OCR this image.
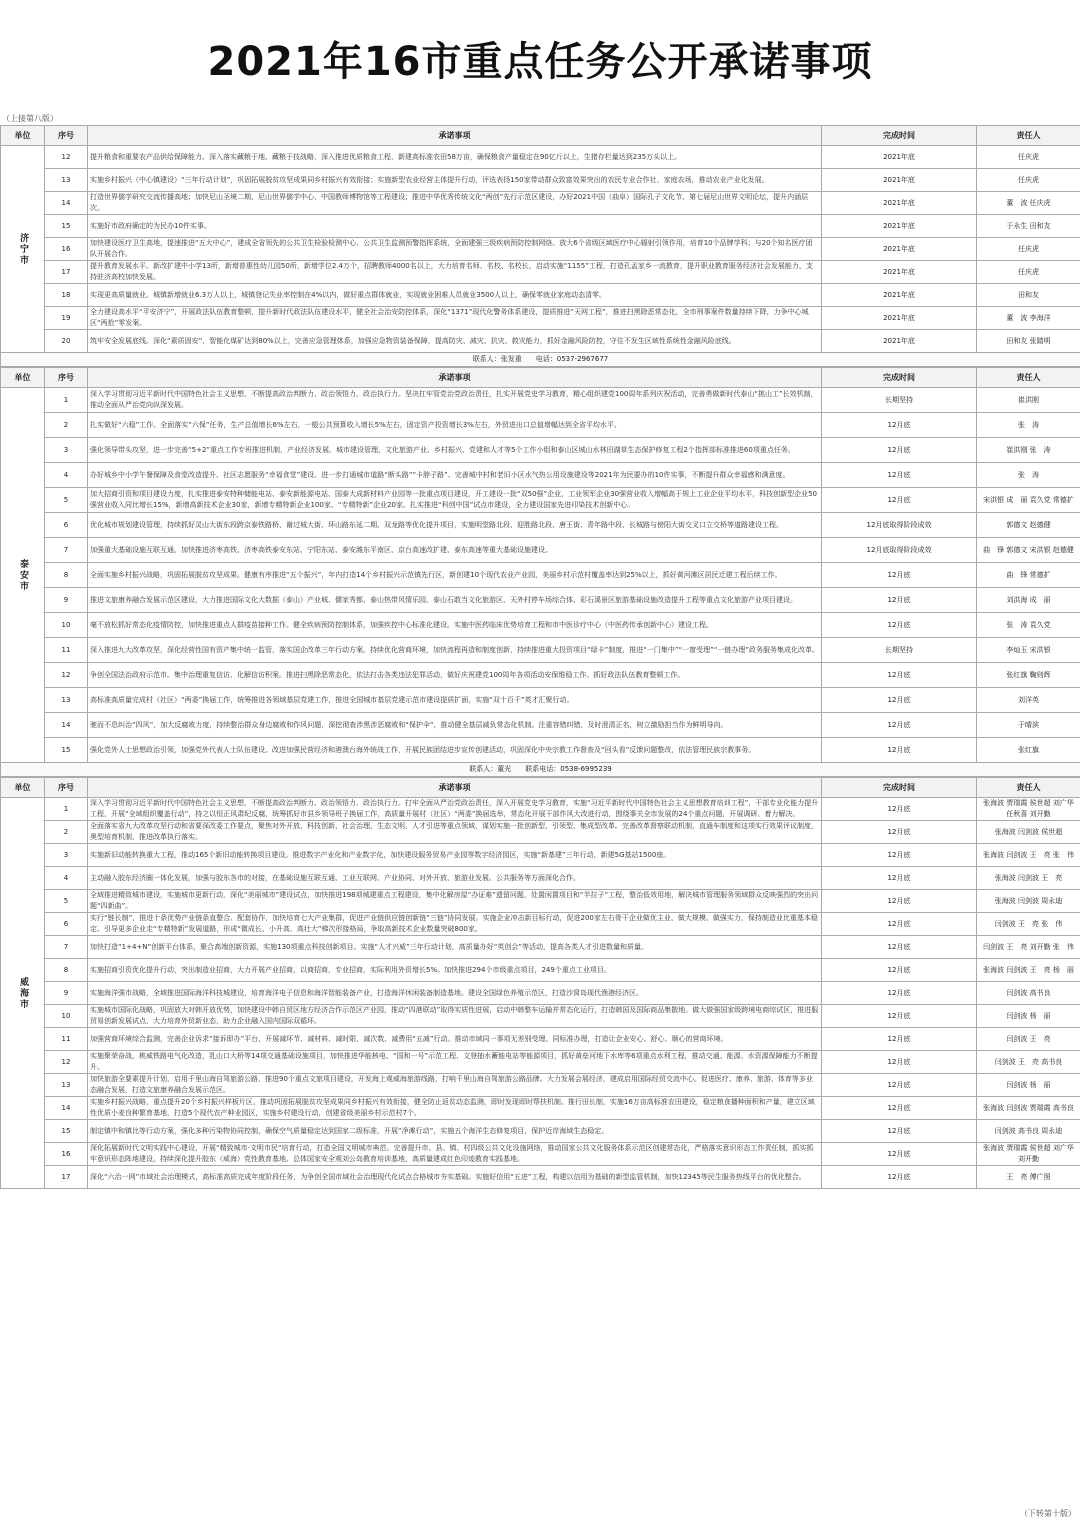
2021年16市重点任务公开承诺事项
（上接第八版）
单位	序号	承诺事项	完成时间	责任人
济宁市	12	提升粮食和重要农产品供给保障能力。深入落实藏粮于地、藏粮于技战略，深入推进优质粮食工程，新建高标准农田58万亩，确保粮食产量稳定在90亿斤以上，生猪存栏量达到235万头以上。	2021年底	任庆虎
	13	实施乡村振兴（中心镇建设）“三年行动计划”，巩固拓展脱贫攻坚成果同乡村振兴有效衔接；实施新型农业经营主体提升行动，评选表扬150家带动群众致富效果突出的农民专业合作社、家庭农场，推动农业产业化发展。	2021年底	任庆虎
	14	打造世界儒学研究交流传播高地；加快尼山圣境二期、尼山世界儒学中心、中国教师博物馆等工程建设；推进中华优秀传统文化“两创”先行示范区建设，办好2021中国（曲阜）国际孔子文化节、第七届尼山世界文明论坛，提升内涵层次。	2021年底	董　波 任庆虎
	15	实施好市政府确定的为民办10件实事。	2021年底	于永生 田和友
	16	加快建设医疗卫生高地，提速推进“五大中心”，建成全省领先的公共卫生检验检测中心、公共卫生监测预警指挥系统，全面建强三级疾病预防控制网络。放大6个省级区域医疗中心辐射引领作用，培育10个品牌学科；与20个知名医疗团队开展合作。	2021年底	任庆虎
	17	提升教育发展水平。新改扩建中小学13所，新增普惠性幼儿园50所，新增学位2.4万个，招聘教师4000名以上，大力培育名师、名校、名校长，启动实施“1155”工程，打造孔孟家乡一流教育，提升职业教育服务经济社会发展能力，支持驻济高校加快发展。	2021年底	任庆虎
	18	实现更高质量就业。城镇新增就业6.3万人以上，城镇登记失业率控制在4%以内，做好重点群体就业，实现就业困难人员就业3500人以上，确保零就业家庭动态清零。	2021年底	田和友
	19	全力建设高水平“平安济宁”，开展政法队伍教育整顿，提升新时代政法队伍建设水平，健全社会治安防控体系，深化“1371”现代化警务体系建设，提质推进“天网工程”，推进扫黑除恶常态化，全市刑事案件数量持续下降，力争中心城区“两抢”零发案。	2021年底	董　波 李海洋
	20	筑牢安全发展底线。深化“素质固安”，智能化煤矿达到80%以上，完善应急管理体系，加强应急物资装备保障，提高防灾、减灾、抗灾、救灾能力，抓好金融风险防控，守住不发生区域性系统性金融风险底线。	2021年底	田和友 张踏明
联系人：张发重　　电话：0537-2967677				
单位	序号	承诺事项	完成时间	责任人
泰安市	1	深入学习贯彻习近平新时代中国特色社会主义思想，不断提高政治判断力、政治领悟力、政治执行力。坚决扛牢管党治党政治责任，扎实开展党史学习教育，精心组织建党100周年系列庆祝活动，完善勇做新时代泰山“挑山工”长效机制，推动全面从严治党向纵深发展。	长期坚持	崔洪刚
	2	扎实做好“六稳”工作、全面落实“六保”任务，生产总值增长6%左右，一般公共预算收入增长5%左右，固定资产投资增长3%左右，外贸进出口总值增幅达到全省平均水平。	12月底	张　涛
	3	强化领导带头攻坚，进一步完善“5+2”重点工作专班推进机制，产业经济发展、城市建设管理、文化旅游产业、乡村振兴、党建和人才等5个工作小组和泰山区城山水林田湖草生态保护修复工程2个指挥部标准推进60项重点任务。	12月底	崔洪刚 张　涛
	4	办好城乡中小学午餐保障及食堂改造提升、社区志愿服务“幸福食堂”建设、进一步打通城市道路“断头路”“卡脖子路”、完善城中村和老旧小区水气热公用设施建设等2021年为民要办的10件实事，不断提升群众幸福感和满意度。	12月底	张　涛
	5	加大招商引资和项目建设力度，扎实推进泰安特种储能电站、泰安新能源电站、国泰大成新材料产业园等一批重点项目建设，开工建设一批“双50强”企业，工业领军企业30强营业收入增幅高于规上工业企业平均水平，科技创新型企业50强营业收入同比增长15%，新增高新技术企业30家，新增专精特新企业100家、“专精特新”企业20家。扎实推进“科创中国”试点市建设，全力建设国家先进印染技术创新中心。	12月底	宋洪银 成　丽 袁久党 常德扩
	6	优化城市规划建设管理，持续抓好灵山大街东段跨京泰铁路桥、谢过城大街、环山路东延二期、双龙路等优化提升项目，实施明堂路北段、迎胜路北段、唐王街、青年路中段、长城路与傍阳大街交叉口立交桥等道路建设工程。	12月底取得阶段成效	郭德文 赵德健
	7	加强重大基础设施互联互通，加快推进济枣高铁、济枣高铁泰安东站、宁阳东站、泰安潍东平南区、京台高速改扩建、泰东高速等重大基础设施建设。	12月底取得阶段成效	曲　锋 郭德文 宋洪银 赵德健
	8	全面实施乡村振兴战略，巩固拓展脱贫攻坚成果。健康有序推进“五个振兴”，年内打造14个乡村振兴示范镇先行区，新创建10个现代农业产业园，美丽乡村示范村覆盖率达到25%以上，抓好黄河滩区居民迁建工程后续工作。	12月底	曲　锋 常德扩
	9	推进文旅康养融合发展示范区建设，大力推进国际文化大数据（泰山）产业城、儒家秀都、泰山热带风情乐园、泰山石敢当文化旅游区、天外村停车场综合体、彩石溪景区旅游基础设施改造提升工程等重点文化旅游产业项目建设。	12月底	刘洪海 成　丽
	10	毫不放松抓好常态化疫情防控，加快推进重点人群疫苗接种工作。健全疾病预防控制体系，加强疾控中心标准化建设。实施中医药临床优势培育工程和市中医诊疗中心（中医药传承创新中心）建设工程。	12月底	张　涛 袁久党
	11	深入推进九大改革攻坚，深化经营性国有资产集中统一监管，落实国企改革三年行动方案。持续优化营商环境，加快流程再造和制度创新，持续推进重大投资项目“绿卡”制度，推进“一门集中”“一窗受理”“一链办理”政务服务集成化改革。	长期坚持	李灿玉 宋洪银
	12	争创全国法治政府示范市。集中治理重复信访、化解信访积案。推进扫黑除恶常态化，依法打击各类违法犯罪活动，做好庆祝建党100周年各项活动安保维稳工作。抓好政法队伍教育整顿工作。	12月底	张红旗 鞠则辉
	13	高标准高质量完成村（社区）“两委”换届工作，统筹推进各领域基层党建工作，推进全国城市基层党建示范市建设提质扩面，实施“双十百千”英才汇聚行动。	12月底	刘洋英
	14	驰而不息纠治“四风”，加大反腐败力度，持续整治群众身边腐败和作风问题，深挖彻查涉黑涉恶腐败和“保护伞”，推动健全基层减负常态化机制。注重容错纠错，及时澄清正名，树立激励担当作为鲜明导向。	12月底	于晴滨
	15	强化党外人士思想政治引领，加强党外代表人士队伍建设。改进加强民营经济和港澳台海外统战工作，开展民族团结进步宣传创建活动，巩固深化中央宗教工作督查及“回头看”反馈问题整改，依法管理民族宗教事务。	12月底	张红旗
联系人：董光　　联系电话：0538-6995239				
单位	序号	承诺事项	完成时间	责任人
威海市	1	深入学习贯彻习近平新时代中国特色社会主义思想，不断提高政治判断力、政治领悟力、政治执行力。打牢全面从严治党政治责任，深入开展党史学习教育，实施“习近平新时代中国特色社会主义思想教育培训工程”，干部专业化能力提升工程，开展“全域组织覆盖行动”，持之以恒正风肃纪反腐，统筹抓好市县乡领导班子换届工作，高质量开展村（社区）“两委”换届选举，常态化开展干部作风大改进行动，围绕事关全市发展的24个重点问题，开展调研、着力解决。	12月底	张海波 贾瑞霞 侯世超 刘广华 任秋喜 刘开勤
	2	全面落实省九大改革攻坚行动和省要深改委工作要点，聚焦对外开放、科技创新、社会治理、生态文明、人才引进等重点领域，谋划实施一批创新型、引领型、集成型改革。完善改革督察联动机制，直通车制度和这项实行效果评议制度，奥型培育机制，推进改革执行落实。	12月底	张海波 闫剑波 侯世超
	3	实施新旧动能转换重大工程，推动165个新旧动能转换项目建设。推进数字产业化和产业数字化，加快建设服务贸易产业园等数字经济园区，实施“新基建”三年行动，新建5G基站1500座。	12月底	张海波 闫剑波 王　亮 张　伟
	4	主动融入胶东经济圈一体化发展，加强与胶东各市的对接，在基础设施互联互通、工业互联网、产业协同、对外开放、旅游业发展、公共服务等方面深化合作。	12月底	张海波 闫剑波 王　亮
	5	全域推进精致城市建设，实施城市更新行动，深化“美丽城市”建设试点，加快推进198项城建重点工程建设，集中化解房屋“办证难”遗留问题，处置闲置项目和“半拉子”工程，整治低效用地，解决城市管理服务领域群众反映强烈的突出问题“四新曲”。	12月底	张海波 闫剑波 周永迪
	6	实行“链长制”，推进十条优势产业链条直整合、配套协作，加快培育七大产业集群，促进产业链供应链创新链“三链”协同发展。实施企业冲击新目标行动，促进200家左右骨干企业做优主业、做大规模、做强实力，保持制造业比重基本稳定。引导更多企业走“专精特新”发展道路，形成“微成长、小升高、高壮大”梯次形接格局，争取高新技术企业数量突破800家。	12月底	闫剑波 王　亮 张　伟
	7	加快打造“1+4+N”创新平台体系，聚合高端创新资源，实施130项重点科技创新项目。实施“人才兴威”三年行动计划，高质量办好“英创会”等活动，提高各类人才引进数量和质量。	12月底	闫剑波 王　亮 刘开勤 张　伟
	8	实施招商引资优化提升行动，突出制造业招商，大力开展产业招商，以商招商，专业招商，实际利用外资增长5%。加快推进294个市级重点项目，249个重点工业项目。	12月底	张海波 闫剑波 王　亮 杨　丽
	9	实施海洋强市战略，全域推进国际海洋科技城建设，培育海洋电子信息和海洋智能装备产业，打造海洋休闲装备制造基地。建设全国绿色养殖示范区，打造沙窝岛现代渔港经济区。	12月底	闫剑波 高书良
	10	实施城市国际化战略，巩固放大对韩开放优势，加快建设中韩自贸区地方经济合作示范区产业园，推动“四港联动”取得实质性进展，启动中韩整车运输并常态化运行，打造韩国及国际商品集散地。做大做强国家级跨境电商综试区，推进服贸易创新发展试点，大力培育外贸新业态，助力企业融入国内国际双循环。	12月底	闫剑波 杨　丽
	11	加强营商环境综合监测，完善企业诉求“接诉即办”平台，开展减环节、减材料、减时限、减次数、减费用“五减”行动。推动市域同一事项无差别受理、同标准办理，打造让企业安心、舒心、顺心的营商环境。	12月底	闫剑波 王　亮
	12	实施聚荣奋战，桃威铁路电气化改造，乳山口大桥等14项交通基础设施项目，加快推进华能核电、“国和一号”示范工程、文登抽水蓄能电站等能源项目，抓好黄垒河地下水库等6项重点水利工程，推动交通、能源、水资源保障能力不断提升。	12月底	闫剑波 王　亮 高书良
	13	加快旅游全要素提升计划，启用千里山海自驾旅游公路，推进90个重点文旅项目建设，开发海上观威海旅游线路，打响千里山海自驾旅游公路品牌。大力发展会展经济，建成启用国际经贸交流中心。促进医疗、康养、旅游、体育等多业态融合发展，打造文旅康养融合发展示范区。	12月底	闫剑波 杨　丽
	14	实施乡村振兴战略，重点提升20个乡村振兴样板片区，推动巩固拓展脱贫攻坚成果同乡村振兴有效衔接，健全防止返贫动态监测，即时发现即时帮扶机制。推行田长制，实施16万亩高标准农田建设，稳定粮食播种面积和产量，建立区域性优质小麦良种繁育基地，打造5个现代农产种业园区，实施乡村建设行动，创建省级美丽乡村示范村7个。	12月底	张海波 闫剑波 贾瑞霞 高书良
	15	制定镇中和镇比等行动方案，强化多种污染物协同控制，确保空气质量稳定达到国家二级标准，开展“净滩行动”，实施五个海洋生态修复项目，保护近岸海域生态稳定。	12月底	闫剑波 高书良 周永迪
	16	深化拓展新时代文明实践中心建设，开展“精致城市·文明市民”培育行动，打造全国文明城市典范。完善提升市、县、镇、村四级公共文化设施网络，推动国家公共文化服务体系示范区创建常态化，严格落实意识形态工作责任制，抓实抓牢意识形态阵地建设。持续深化提升胶东（威海）党性教育基地、总体国家安全观刘公岛教育培训基地，高质量建成红色印迹教育实践基地。	12月底	张海波 贾瑞霞 侯世超 刘广华 刘开勤
	17	深化“六治一网”市域社会治理模式，高标准高质完成年度阶段任务，为争创全国市域社会治理现代化试点合格城市夯实基础。实施好信用“五进”工程，构建以信用为基础的新型监管机制，加快12345等民生服务热线平台的优化整合。	12月底	王　亮 傅广照
（下转第十版）
